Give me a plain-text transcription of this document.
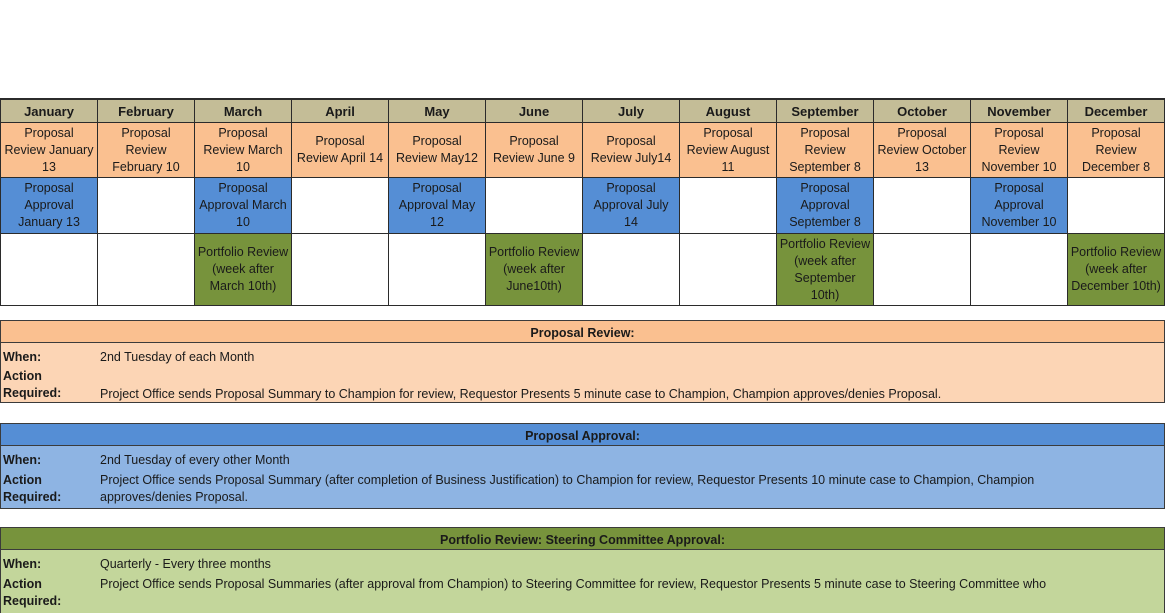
January	February	March	April	May	June	July	August	September	October	November	December
Proposal Review January 13	Proposal Review February 10	Proposal Review March 10	Proposal Review April 14	Proposal Review May12	Proposal Review June 9	Proposal Review July14	Proposal Review August 11	Proposal Review September 8	Proposal Review October 13	Proposal Review November 10	Proposal Review December 8
Proposal Approval January 13		Proposal Approval March 10		Proposal Approval May 12		Proposal Approval July 14		Proposal Approval September 8		Proposal Approval November 10	
		Portfolio Review (week after March 10th)			Portfolio Review (week after June10th)			Portfolio Review (week after September 10th)			Portfolio Review (week after December 10th)
Proposal Review:
When:	2nd Tuesday of each Month
Action Required:	Project Office sends Proposal Summary to Champion for review, Requestor Presents 5 minute case to Champion, Champion approves/denies Proposal.
Proposal Approval:
When:	2nd Tuesday of every other Month
Action Required:
Project Office sends Proposal Summary (after completion of Business Justification) to Champion for review, Requestor Presents 10 minute case to Champion, Champion approves/denies Proposal.
Portfolio Review: Steering Committee Approval:
When:	Quarterly - Every three months
Action Required:
Project Office sends Proposal Summaries (after approval from Champion) to Steering Committee for review, Requestor Presents 5 minute case to Steering Committee who
